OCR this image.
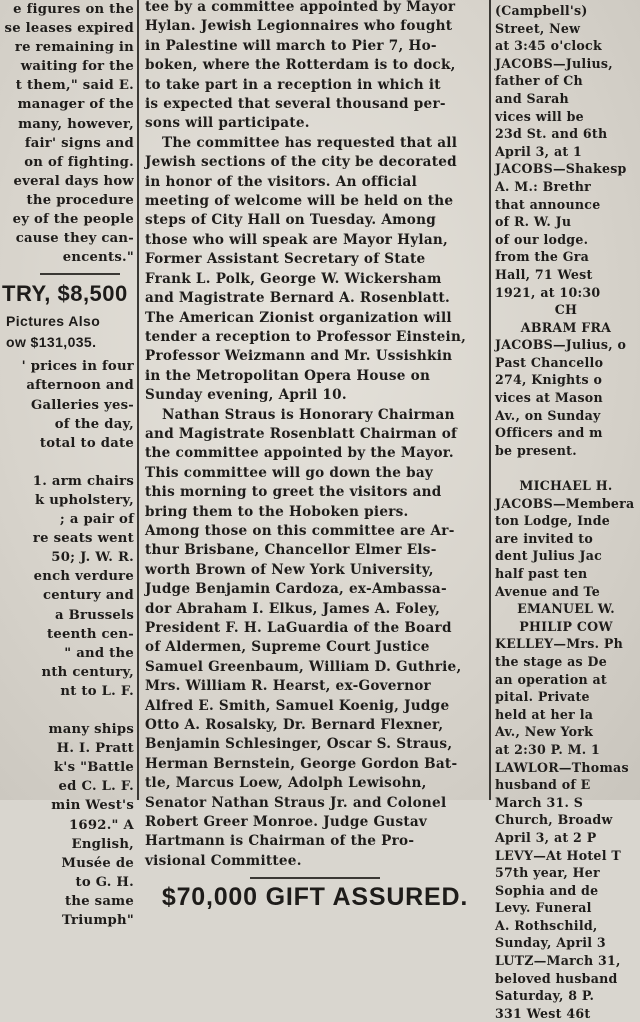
e figures on the

se leases expired

re remaining in

waiting for the

t them," said E.

manager of the

many, however,

fair' signs and

on of fighting.

everal days how

the procedure

ey of the people

cause they can-

encents."

TRY, $8,500
Pictures Also
ow $131,035.

' prices in four

afternoon and

Galleries yes-

of the day,

total to date

1. arm chairs

k upholstery,

; a pair of

re seats went

50; J. W. R.

ench verdure

century and

a Brussels

teenth cen-

" and the

nth century,

nt to L. F.

many ships

H. I. Pratt

k's "Battle

ed C. L. F.

min West's

1692." A

English,

Musée de

to G. H.

the same

Triumph"

tee by a committee appointed by Mayor

Hylan. Jewish Legionnaires who fought

in Palestine will march to Pier 7, Ho-

boken, where the Rotterdam is to dock,

to take part in a reception in which it

is expected that several thousand per-

sons will participate.

The committee has requested that all

Jewish sections of the city be decorated

in honor of the visitors. An official

meeting of welcome will be held on the

steps of City Hall on Tuesday. Among

those who will speak are Mayor Hylan,

Former Assistant Secretary of State

Frank L. Polk, George W. Wickersham

and Magistrate Bernard A. Rosenblatt.

The American Zionist organization will

tender a reception to Professor Einstein,

Professor Weizmann and Mr. Ussishkin

in the Metropolitan Opera House on

Sunday evening, April 10.

Nathan Straus is Honorary Chairman

and Magistrate Rosenblatt Chairman of

the committee appointed by the Mayor.

This committee will go down the bay

this morning to greet the visitors and

bring them to the Hoboken piers.

Among those on this committee are Ar-

thur Brisbane, Chancellor Elmer Els-

worth Brown of New York University,

Judge Benjamin Cardoza, ex-Ambassa-

dor Abraham I. Elkus, James A. Foley,

President F. H. LaGuardia of the Board

of Aldermen, Supreme Court Justice

Samuel Greenbaum, William D. Guthrie,

Mrs. William R. Hearst, ex-Governor

Alfred E. Smith, Samuel Koenig, Judge

Otto A. Rosalsky, Dr. Bernard Flexner,

Benjamin Schlesinger, Oscar S. Straus,

Herman Bernstein, George Gordon Bat-

tle, Marcus Loew, Adolph Lewisohn,

Senator Nathan Straus Jr. and Colonel

Robert Greer Monroe. Judge Gustav

Hartmann is Chairman of the Pro-

visional Committee.

$70,000 GIFT ASSURED.

(Campbell's)

Street, New

at 3:45 o'clock

JACOBS—Julius,

father of Ch

and Sarah

vices will be

23d St. and 6th

April 3, at 1

JACOBS—Shakesp

A. M.: Brethr

that announce

of R. W. Ju

of our lodge.

from the Gra

Hall, 71 West

1921, at 10:30

CH

ABRAM FRA

JACOBS—Julius, o

Past Chancello

274, Knights o

vices at Mason

Av., on Sunday

Officers and m

be present.

MICHAEL H.

JACOBS—Membera

ton Lodge, Inde

are invited to

dent Julius Jac

half past ten

Avenue and Te

EMANUEL W.

PHILIP COW

KELLEY—Mrs. Ph

the stage as De

an operation at

pital. Private

held at her la

Av., New York

at 2:30 P. M. 1

LAWLOR—Thomas

husband of E

March 31. S

Church, Broadw

April 3, at 2 P

LEVY—At Hotel T

57th year, Her

Sophia and de

Levy. Funeral

A. Rothschild,

Sunday, April 3

LUTZ—March 31,

beloved husband

Saturday, 8 P.

331 West 46t
